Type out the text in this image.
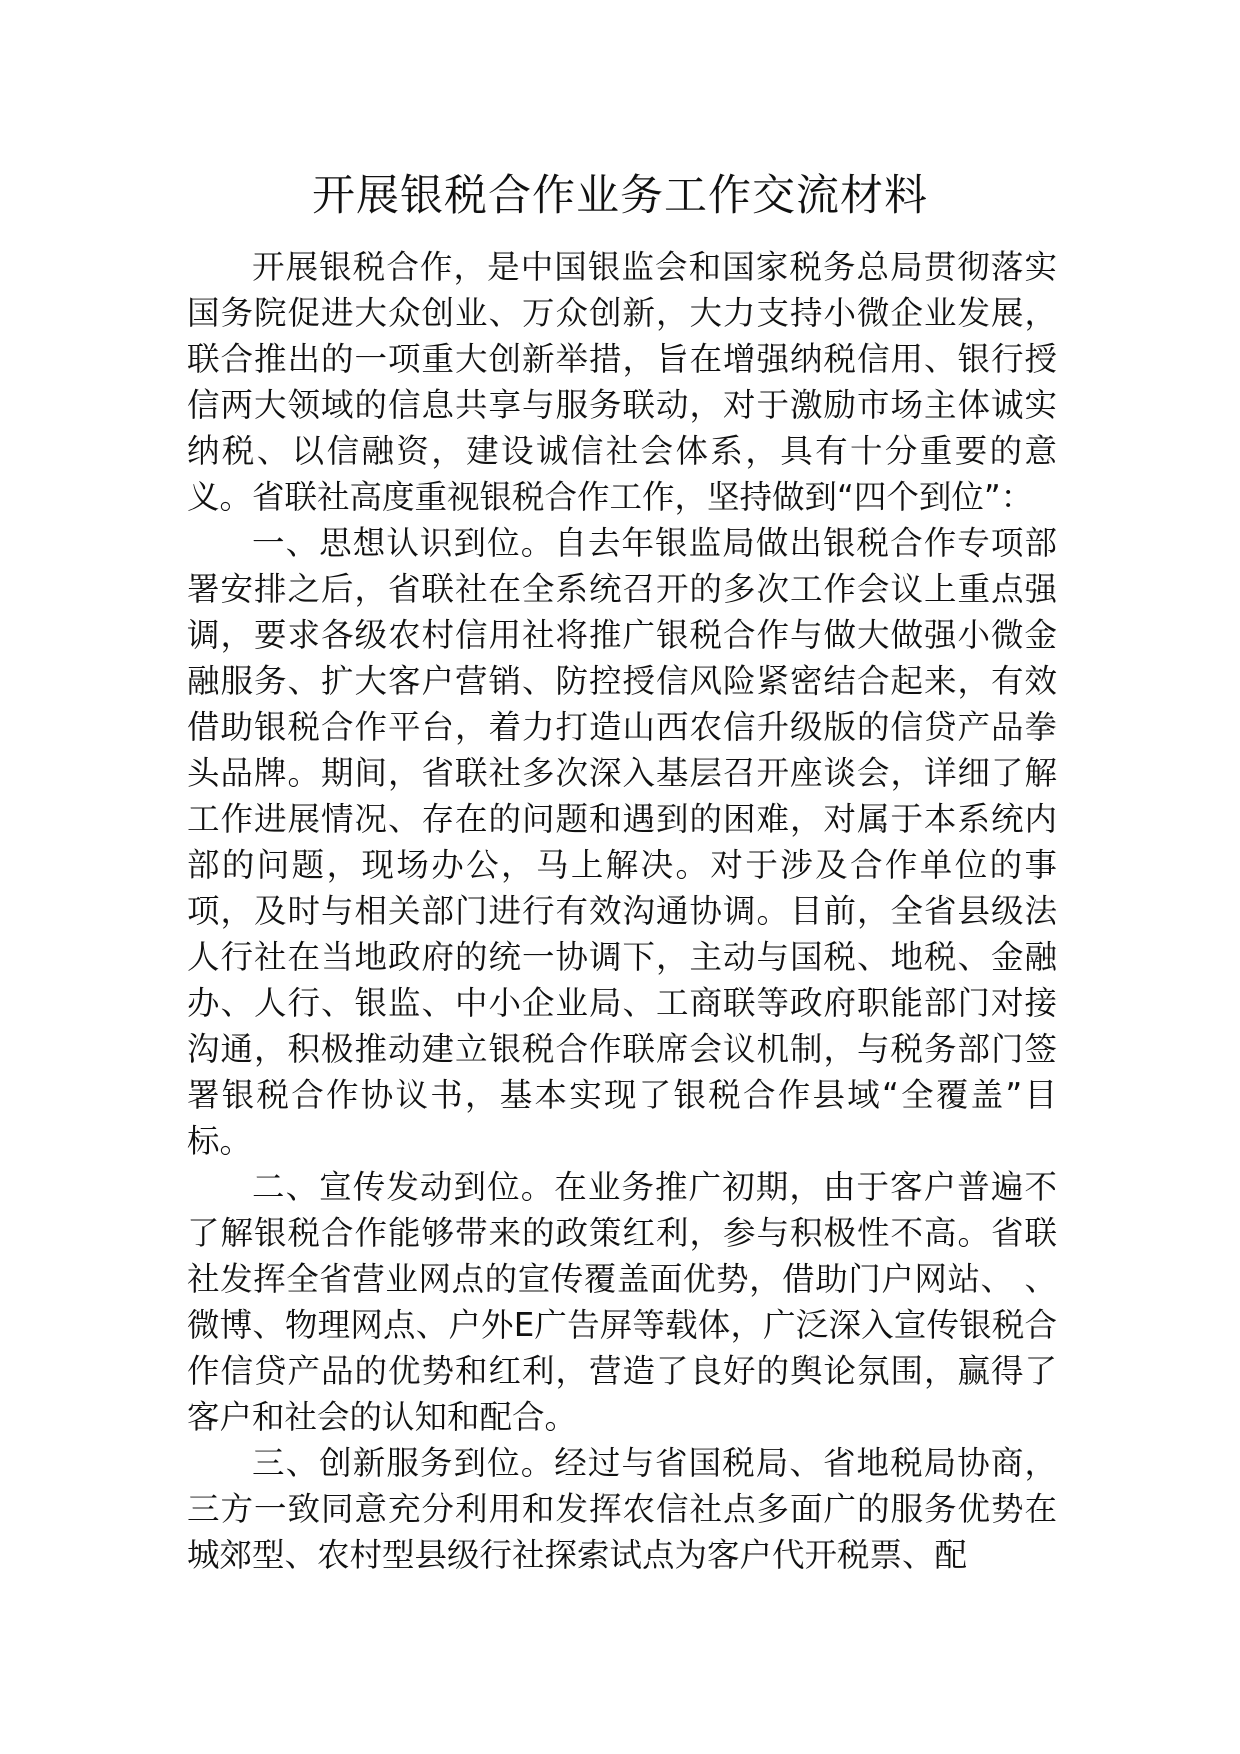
开展银税合作业务工作交流材料

开展银税合作，是中国银监会和国家税务总局贯彻落实国务院促进大众创业、万众创新，大力支持小微企业发展，联合推出的一项重大创新举措，旨在增强纳税信用、银行授信两大领域的信息共享与服务联动，对于激励市场主体诚实纳税、以信融资，建设诚信社会体系，具有十分重要的意义。省联社高度重视银税合作工作，坚持做到“四个到位”：

一、思想认识到位。自去年银监局做出银税合作专项部署安排之后，省联社在全系统召开的多次工作会议上重点强调，要求各级农村信用社将推广银税合作与做大做强小微金融服务、扩大客户营销、防控授信风险紧密结合起来，有效借助银税合作平台，着力打造山西农信升级版的信贷产品拳头品牌。期间，省联社多次深入基层召开座谈会，详细了解工作进展情况、存在的问题和遇到的困难，对属于本系统内部的问题，现场办公，马上解决。对于涉及合作单位的事项，及时与相关部门进行有效沟通协调。目前，全省县级法人行社在当地政府的统一协调下，主动与国税、地税、金融办、人行、银监、中小企业局、工商联等政府职能部门对接沟通，积极推动建立银税合作联席会议机制，与税务部门签署银税合作协议书，基本实现了银税合作县域“全覆盖”目标。

二、宣传发动到位。在业务推广初期，由于客户普遍不了解银税合作能够带来的政策红利，参与积极性不高。省联社发挥全省营业网点的宣传覆盖面优势，借助门户网站、 、微博、物理网点、户外E广告屏等载体，广泛深入宣传银税合作信贷产品的优势和红利，营造了良好的舆论氛围，赢得了客户和社会的认知和配合。

三、创新服务到位。经过与省国税局、省地税局协商，三方一致同意充分利用和发挥农信社点多面广的服务优势在城郊型、农村型县级行社探索试点为客户代开税票、配
